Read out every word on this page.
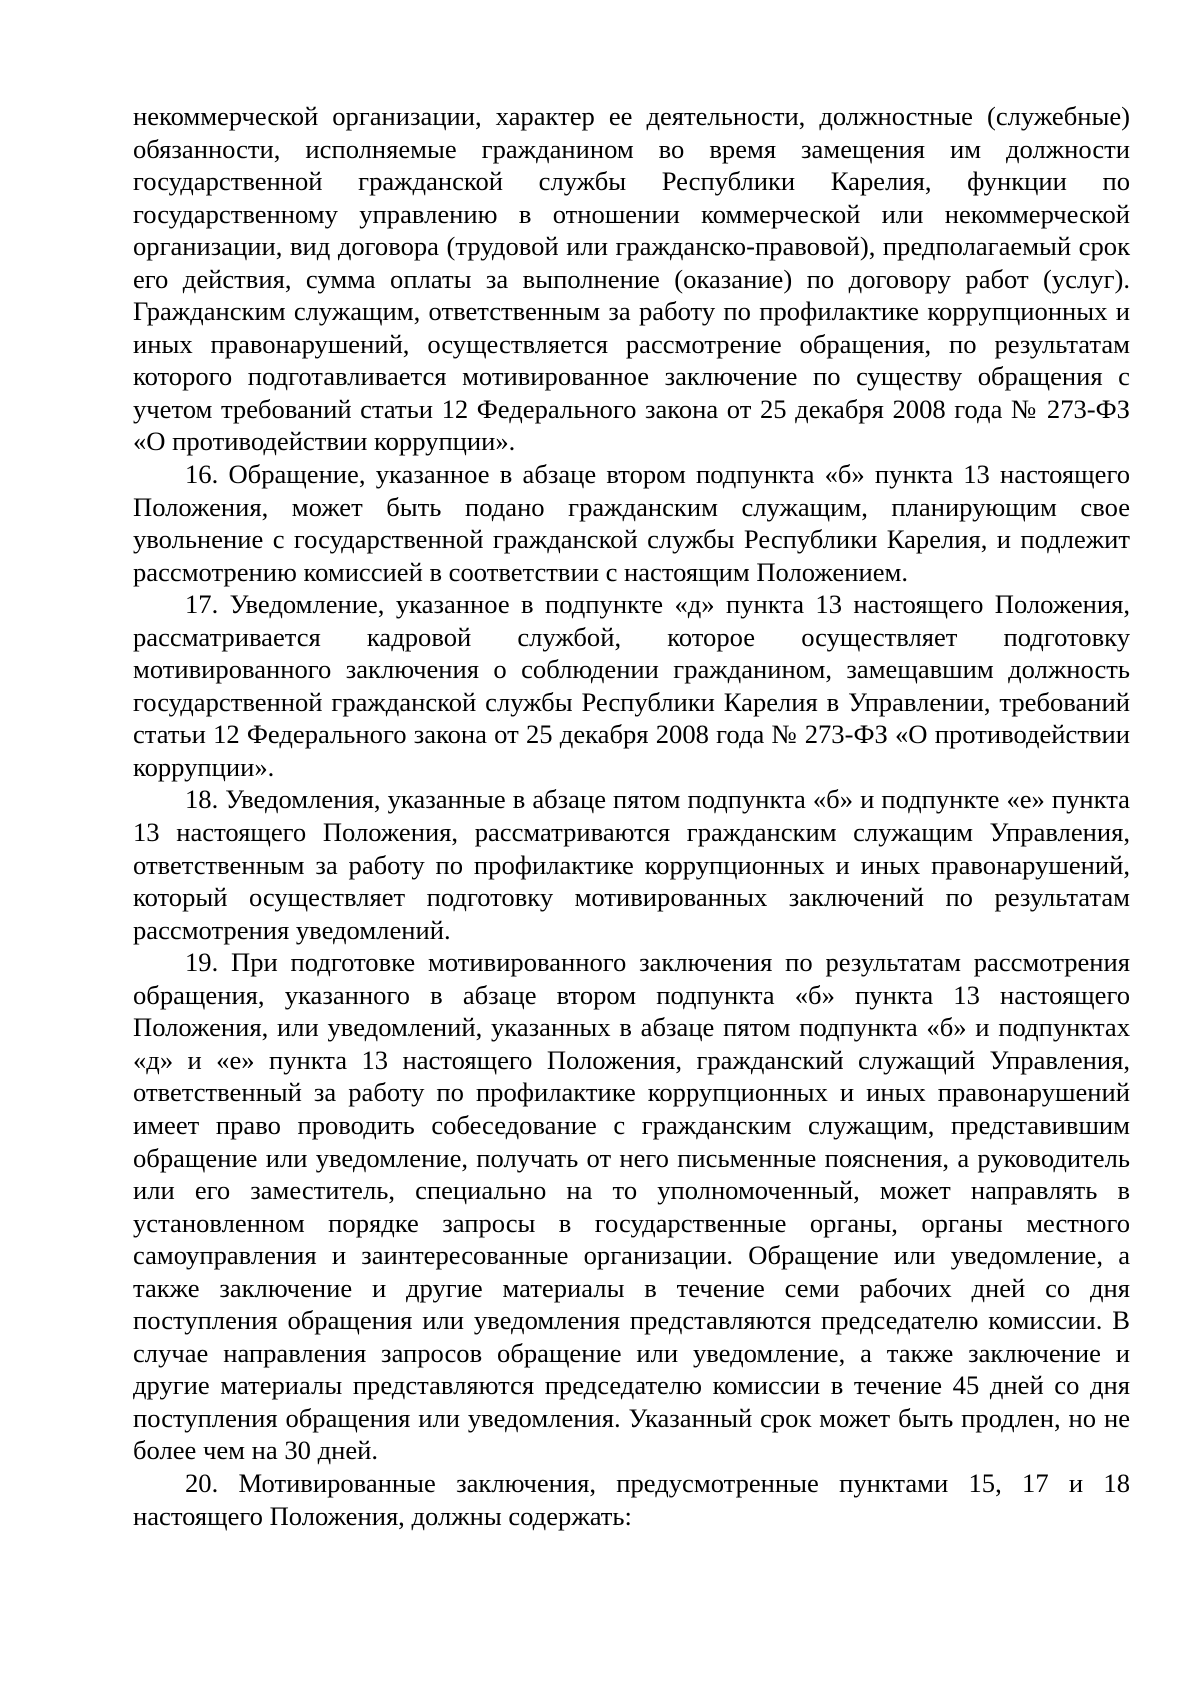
некоммерческой организации, характер ее деятельности, должностные (служебные) обязанности, исполняемые гражданином во время замещения им должности государственной гражданской службы Республики Карелия, функции по государственному управлению в отношении коммерческой или некоммерческой организации, вид договора (трудовой или гражданско-правовой), предполагаемый срок его действия, сумма оплаты за выполнение (оказание) по договору работ (услуг). Гражданским служащим, ответственным за работу по профилактике коррупционных и иных правонарушений, осуществляется рассмотрение обращения, по результатам которого подготавливается мотивированное заключение по существу обращения с учетом требований статьи 12 Федерального закона от 25 декабря 2008 года № 273-ФЗ «О противодействии коррупции».

16. Обращение, указанное в абзаце втором подпункта «б» пункта 13 настоящего Положения, может быть подано гражданским служащим, планирующим свое увольнение с государственной гражданской службы Республики Карелия, и подлежит рассмотрению комиссией в соответствии с настоящим Положением.

17. Уведомление, указанное в подпункте «д» пункта 13 настоящего Положения, рассматривается кадровой службой, которое осуществляет подготовку мотивированного заключения о соблюдении гражданином, замещавшим должность государственной гражданской службы Республики Карелия в Управлении, требований статьи 12 Федерального закона от 25 декабря 2008 года № 273-ФЗ «О противодействии коррупции».

18. Уведомления, указанные в абзаце пятом подпункта «б» и подпункте «е» пункта 13 настоящего Положения, рассматриваются гражданским служащим Управления, ответственным за работу по профилактике коррупционных и иных правонарушений, который осуществляет подготовку мотивированных заключений по результатам рассмотрения уведомлений.

19. При подготовке мотивированного заключения по результатам рассмотрения обращения, указанного в абзаце втором подпункта «б» пункта 13 настоящего Положения, или уведомлений, указанных в абзаце пятом подпункта «б» и подпунктах «д» и «е» пункта 13 настоящего Положения, гражданский служащий Управления, ответственный за работу по профилактике коррупционных и иных правонарушений имеет право проводить собеседование с гражданским служащим, представившим обращение или уведомление, получать от него письменные пояснения, а руководитель или его заместитель, специально на то уполномоченный, может направлять в установленном порядке запросы в государственные органы, органы местного самоуправления и заинтересованные организации. Обращение или уведомление, а также заключение и другие материалы в течение семи рабочих дней со дня поступления обращения или уведомления представляются председателю комиссии. В случае направления запросов обращение или уведомление, а также заключение и другие материалы представляются председателю комиссии в течение 45 дней со дня поступления обращения или уведомления. Указанный срок может быть продлен, но не более чем на 30 дней.

20. Мотивированные заключения, предусмотренные пунктами 15, 17 и 18 настоящего Положения, должны содержать:
